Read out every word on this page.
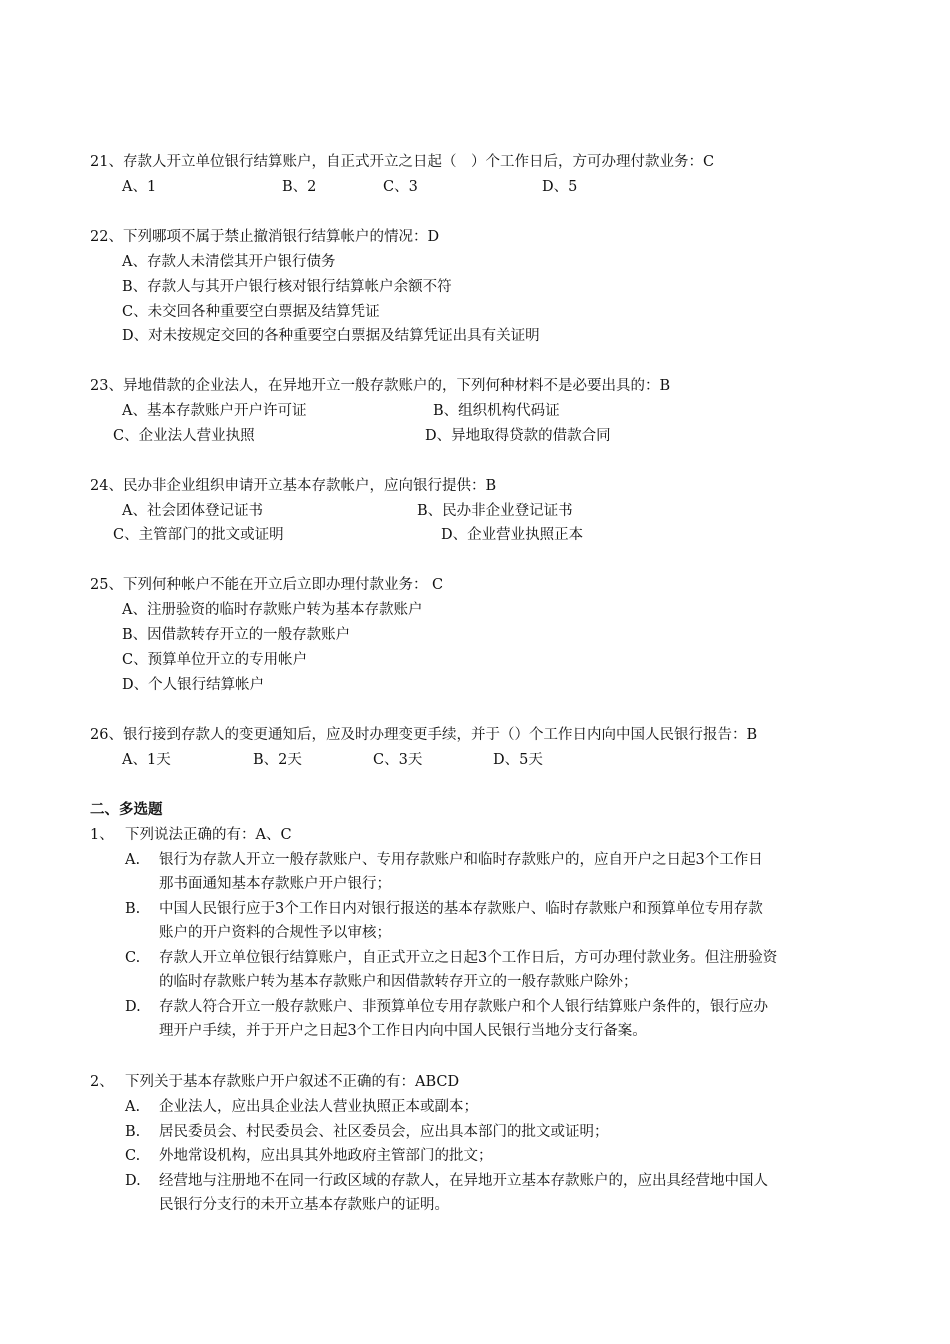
21、存款人开立单位银行结算账户，自正式开立之日起（　）个工作日后，方可办理付款业务：C
A、1	B、2	C、3	D、5
22、下列哪项不属于禁止撤消银行结算帐户的情况：D
A、存款人未清偿其开户银行债务
B、存款人与其开户银行核对银行结算帐户余额不符
C、未交回各种重要空白票据及结算凭证
D、对未按规定交回的各种重要空白票据及结算凭证出具有关证明
23、异地借款的企业法人，在异地开立一般存款账户的，下列何种材料不是必要出具的：B
A、基本存款账户开户许可证	B、组织机构代码证
C、企业法人营业执照	D、异地取得贷款的借款合同
24、民办非企业组织申请开立基本存款帐户，应向银行提供：B
A、社会团体登记证书	B、民办非企业登记证书
C、主管部门的批文或证明	D、企业营业执照正本
25、下列何种帐户不能在开立后立即办理付款业务： C
A、注册验资的临时存款账户转为基本存款账户
B、因借款转存开立的一般存款账户
C、预算单位开立的专用帐户
D、个人银行结算帐户
26、银行接到存款人的变更通知后，应及时办理变更手续，并于（）个工作日内向中国人民银行报告：B
A、1天	B、2天	C、3天	D、5天
二、多选题
1、 下列说法正确的有：A、C
A. 银行为存款人开立一般存款账户、专用存款账户和临时存款账户的，应自开户之日起3个工作日
那书面通知基本存款账户开户银行；
B. 中国人民银行应于3个工作日内对银行报送的基本存款账户、临时存款账户和预算单位专用存款
账户的开户资料的合规性予以审核；
C. 存款人开立单位银行结算账户，自正式开立之日起3个工作日后，方可办理付款业务。但注册验资
的临时存款账户转为基本存款账户和因借款转存开立的一般存款账户除外；
D. 存款人符合开立一般存款账户、非预算单位专用存款账户和个人银行结算账户条件的，银行应办
理开户手续，并于开户之日起3个工作日内向中国人民银行当地分支行备案。
2、 下列关于基本存款账户开户叙述不正确的有：ABCD
A. 企业法人，应出具企业法人营业执照正本或副本；
B. 居民委员会、村民委员会、社区委员会，应出具本部门的批文或证明；
C. 外地常设机构，应出具其外地政府主管部门的批文；
D. 经营地与注册地不在同一行政区域的存款人，在异地开立基本存款账户的，应出具经营地中国人
民银行分支行的未开立基本存款账户的证明。
